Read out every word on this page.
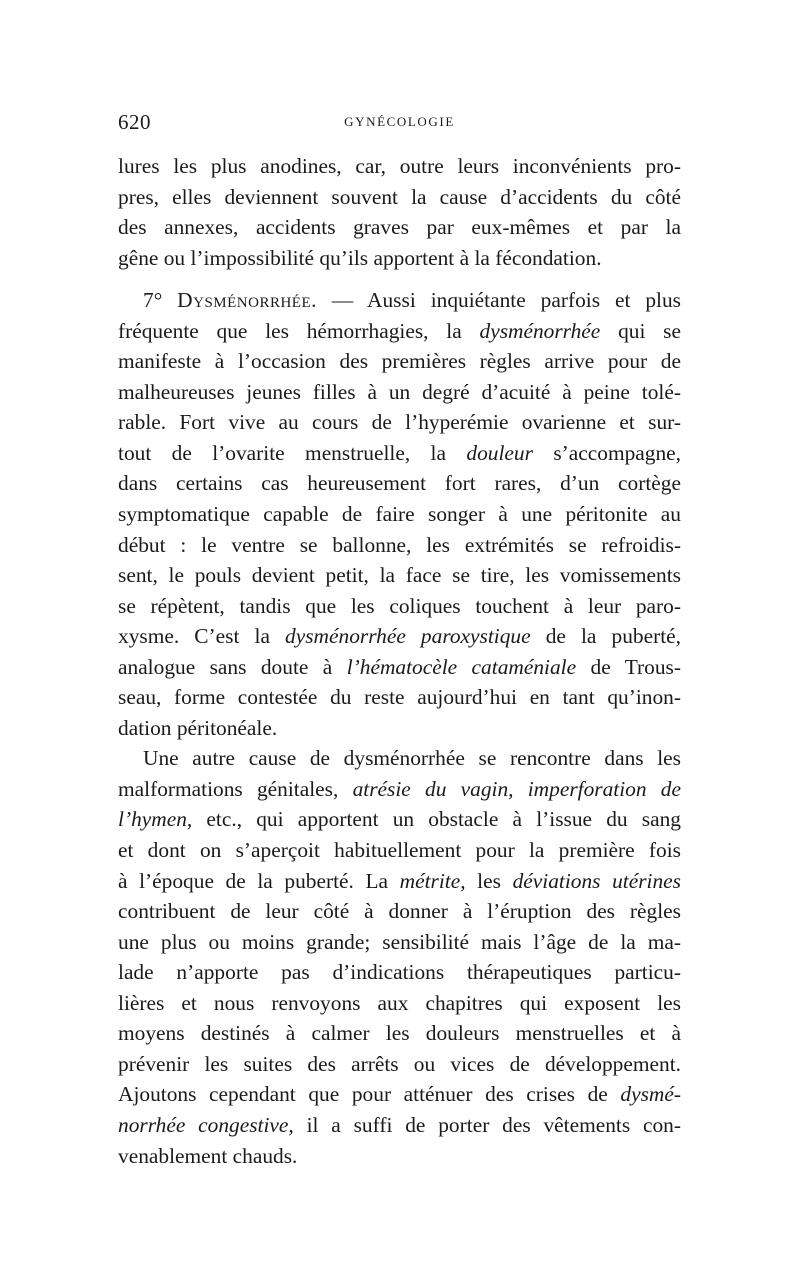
620	GYNÉCOLOGIE
lures les plus anodines, car, outre leurs inconvénients pro-
pres, elles deviennent souvent la cause d’accidents du côté
des annexes, accidents graves par eux-mêmes et par la
gêne ou l’impossibilité qu’ils apportent à la fécondation.
7° Dysménorrhée. — Aussi inquiétante parfois et plus
fréquente que les hémorrhagies, la dysménorrhée qui se
manifeste à l’occasion des premières règles arrive pour de
malheureuses jeunes filles à un degré d’acuité à peine tolé-
rable. Fort vive au cours de l’hyperémie ovarienne et sur-
tout de l’ovarite menstruelle, la douleur s’accompagne,
dans certains cas heureusement fort rares, d’un cortège
symptomatique capable de faire songer à une péritonite au
début : le ventre se ballonne, les extrémités se refroidis-
sent, le pouls devient petit, la face se tire, les vomissements
se répètent, tandis que les coliques touchent à leur paro-
xysme. C’est la dysménorrhée paroxystique de la puberté,
analogue sans doute à l’hématocèle cataméniale de Trous-
seau, forme contestée du reste aujourd’hui en tant qu’inon-
dation péritonéale.
Une autre cause de dysménorrhée se rencontre dans les
malformations génitales, atrésie du vagin, imperforation de
l’hymen, etc., qui apportent un obstacle à l’issue du sang
et dont on s’aperçoit habituellement pour la première fois
à l’époque de la puberté. La métrite, les déviations utérines
contribuent de leur côté à donner à l’éruption des règles
une plus ou moins grande; sensibilité mais l’âge de la ma-
lade n’apporte pas d’indications thérapeutiques particu-
lières et nous renvoyons aux chapitres qui exposent les
moyens destinés à calmer les douleurs menstruelles et à
prévenir les suites des arrêts ou vices de développement.
Ajoutons cependant que pour atténuer des crises de dysmé-
norrhée congestive, il a suffi de porter des vêtements con-
venablement chauds.
